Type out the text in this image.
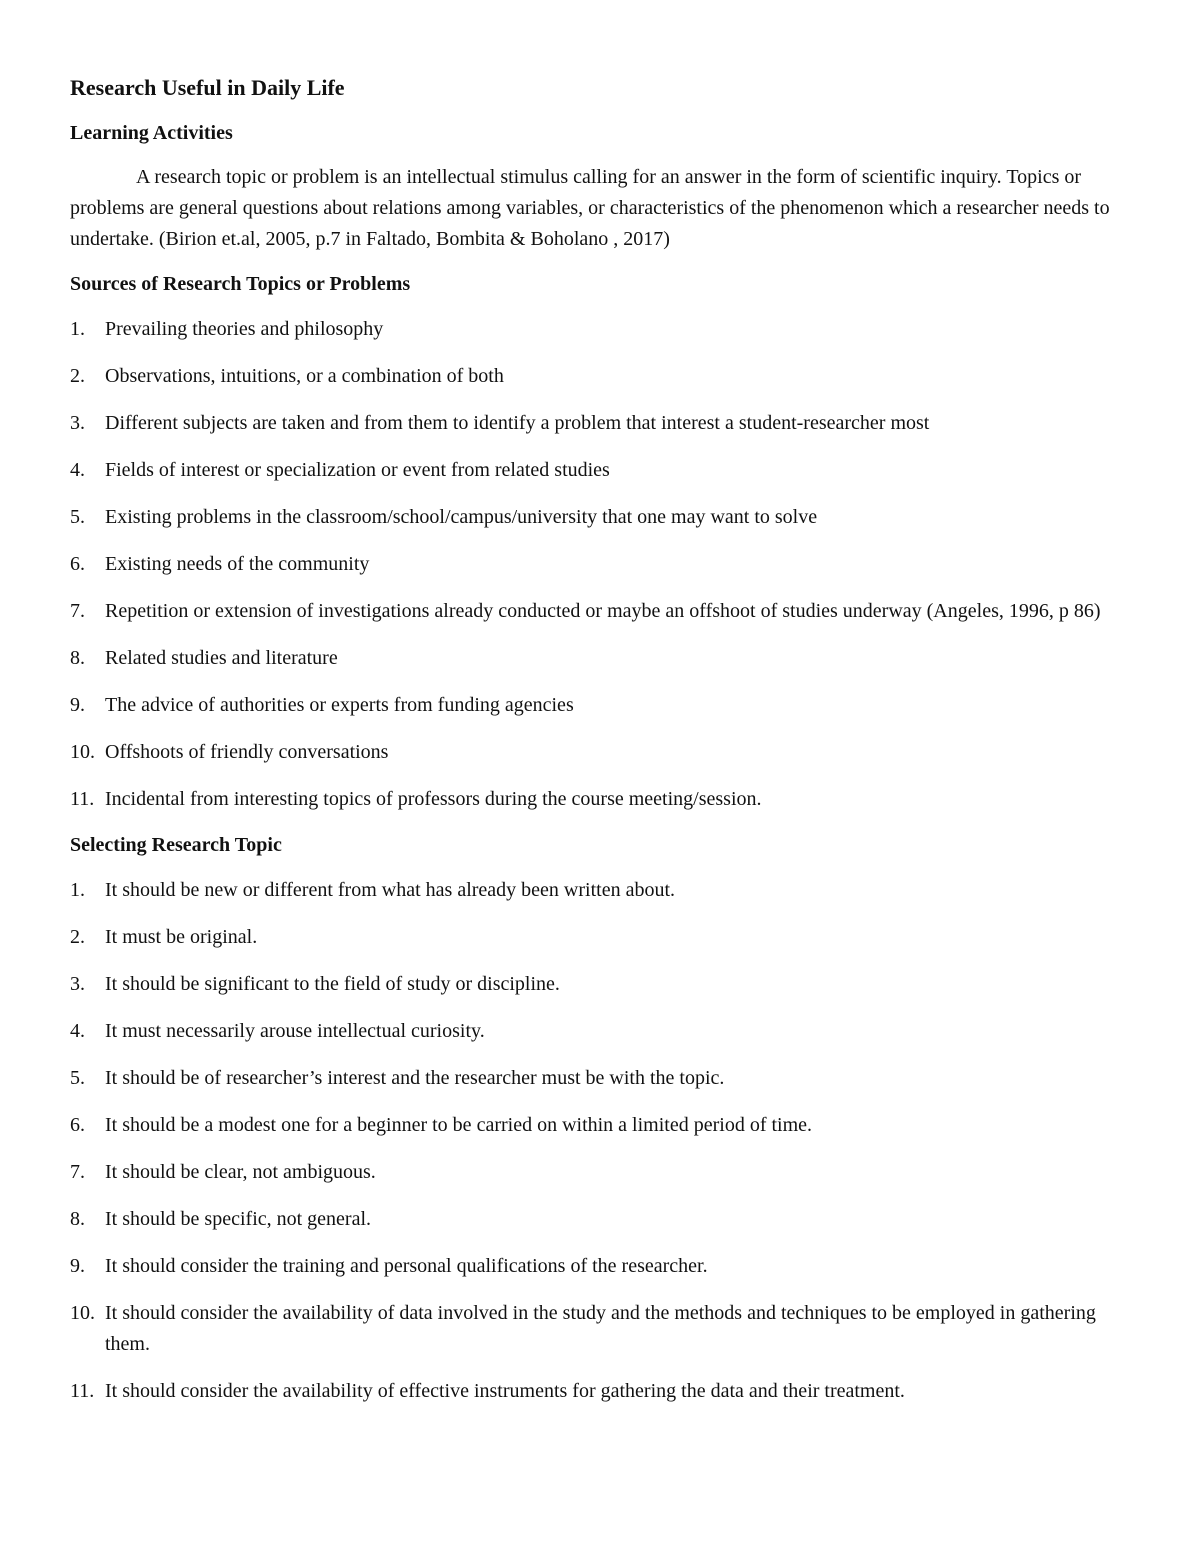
Research Useful in Daily Life
Learning Activities

A research topic or problem is an intellectual stimulus calling for an answer in the form of scientific inquiry. Topics or problems are general questions about relations among variables, or characteristics of the phenomenon which a researcher needs to undertake. (Birion et.al, 2005, p.7 in Faltado, Bombita & Boholano , 2017)

Sources of Research Topics or Problems
1. Prevailing theories and philosophy
2. Observations, intuitions, or a combination of both
3. Different subjects are taken and from them to identify a problem that interest a student-researcher most
4. Fields of interest or specialization or event from related studies
5. Existing problems in the classroom/school/campus/university that one may want to solve
6. Existing needs of the community
7. Repetition or extension of investigations already conducted or maybe an offshoot of studies underway (Angeles, 1996, p 86)
8. Related studies and literature
9. The advice of authorities or experts from funding agencies
10. Offshoots of friendly conversations
11. Incidental from interesting topics of professors during the course meeting/session.
Selecting Research Topic
1. It should be new or different from what has already been written about.
2. It must be original.
3. It should be significant to the field of study or discipline.
4. It must necessarily arouse intellectual curiosity.
5. It should be of researcher’s interest and the researcher must be with the topic.
6. It should be a modest one for a beginner to be carried on within a limited period of time.
7. It should be clear, not ambiguous.
8. It should be specific, not general.
9. It should consider the training and personal qualifications of the researcher.
10. It should consider the availability of data involved in the study and the methods and techniques to be employed in gathering them.
11. It should consider the availability of effective instruments for gathering the data and their treatment.
